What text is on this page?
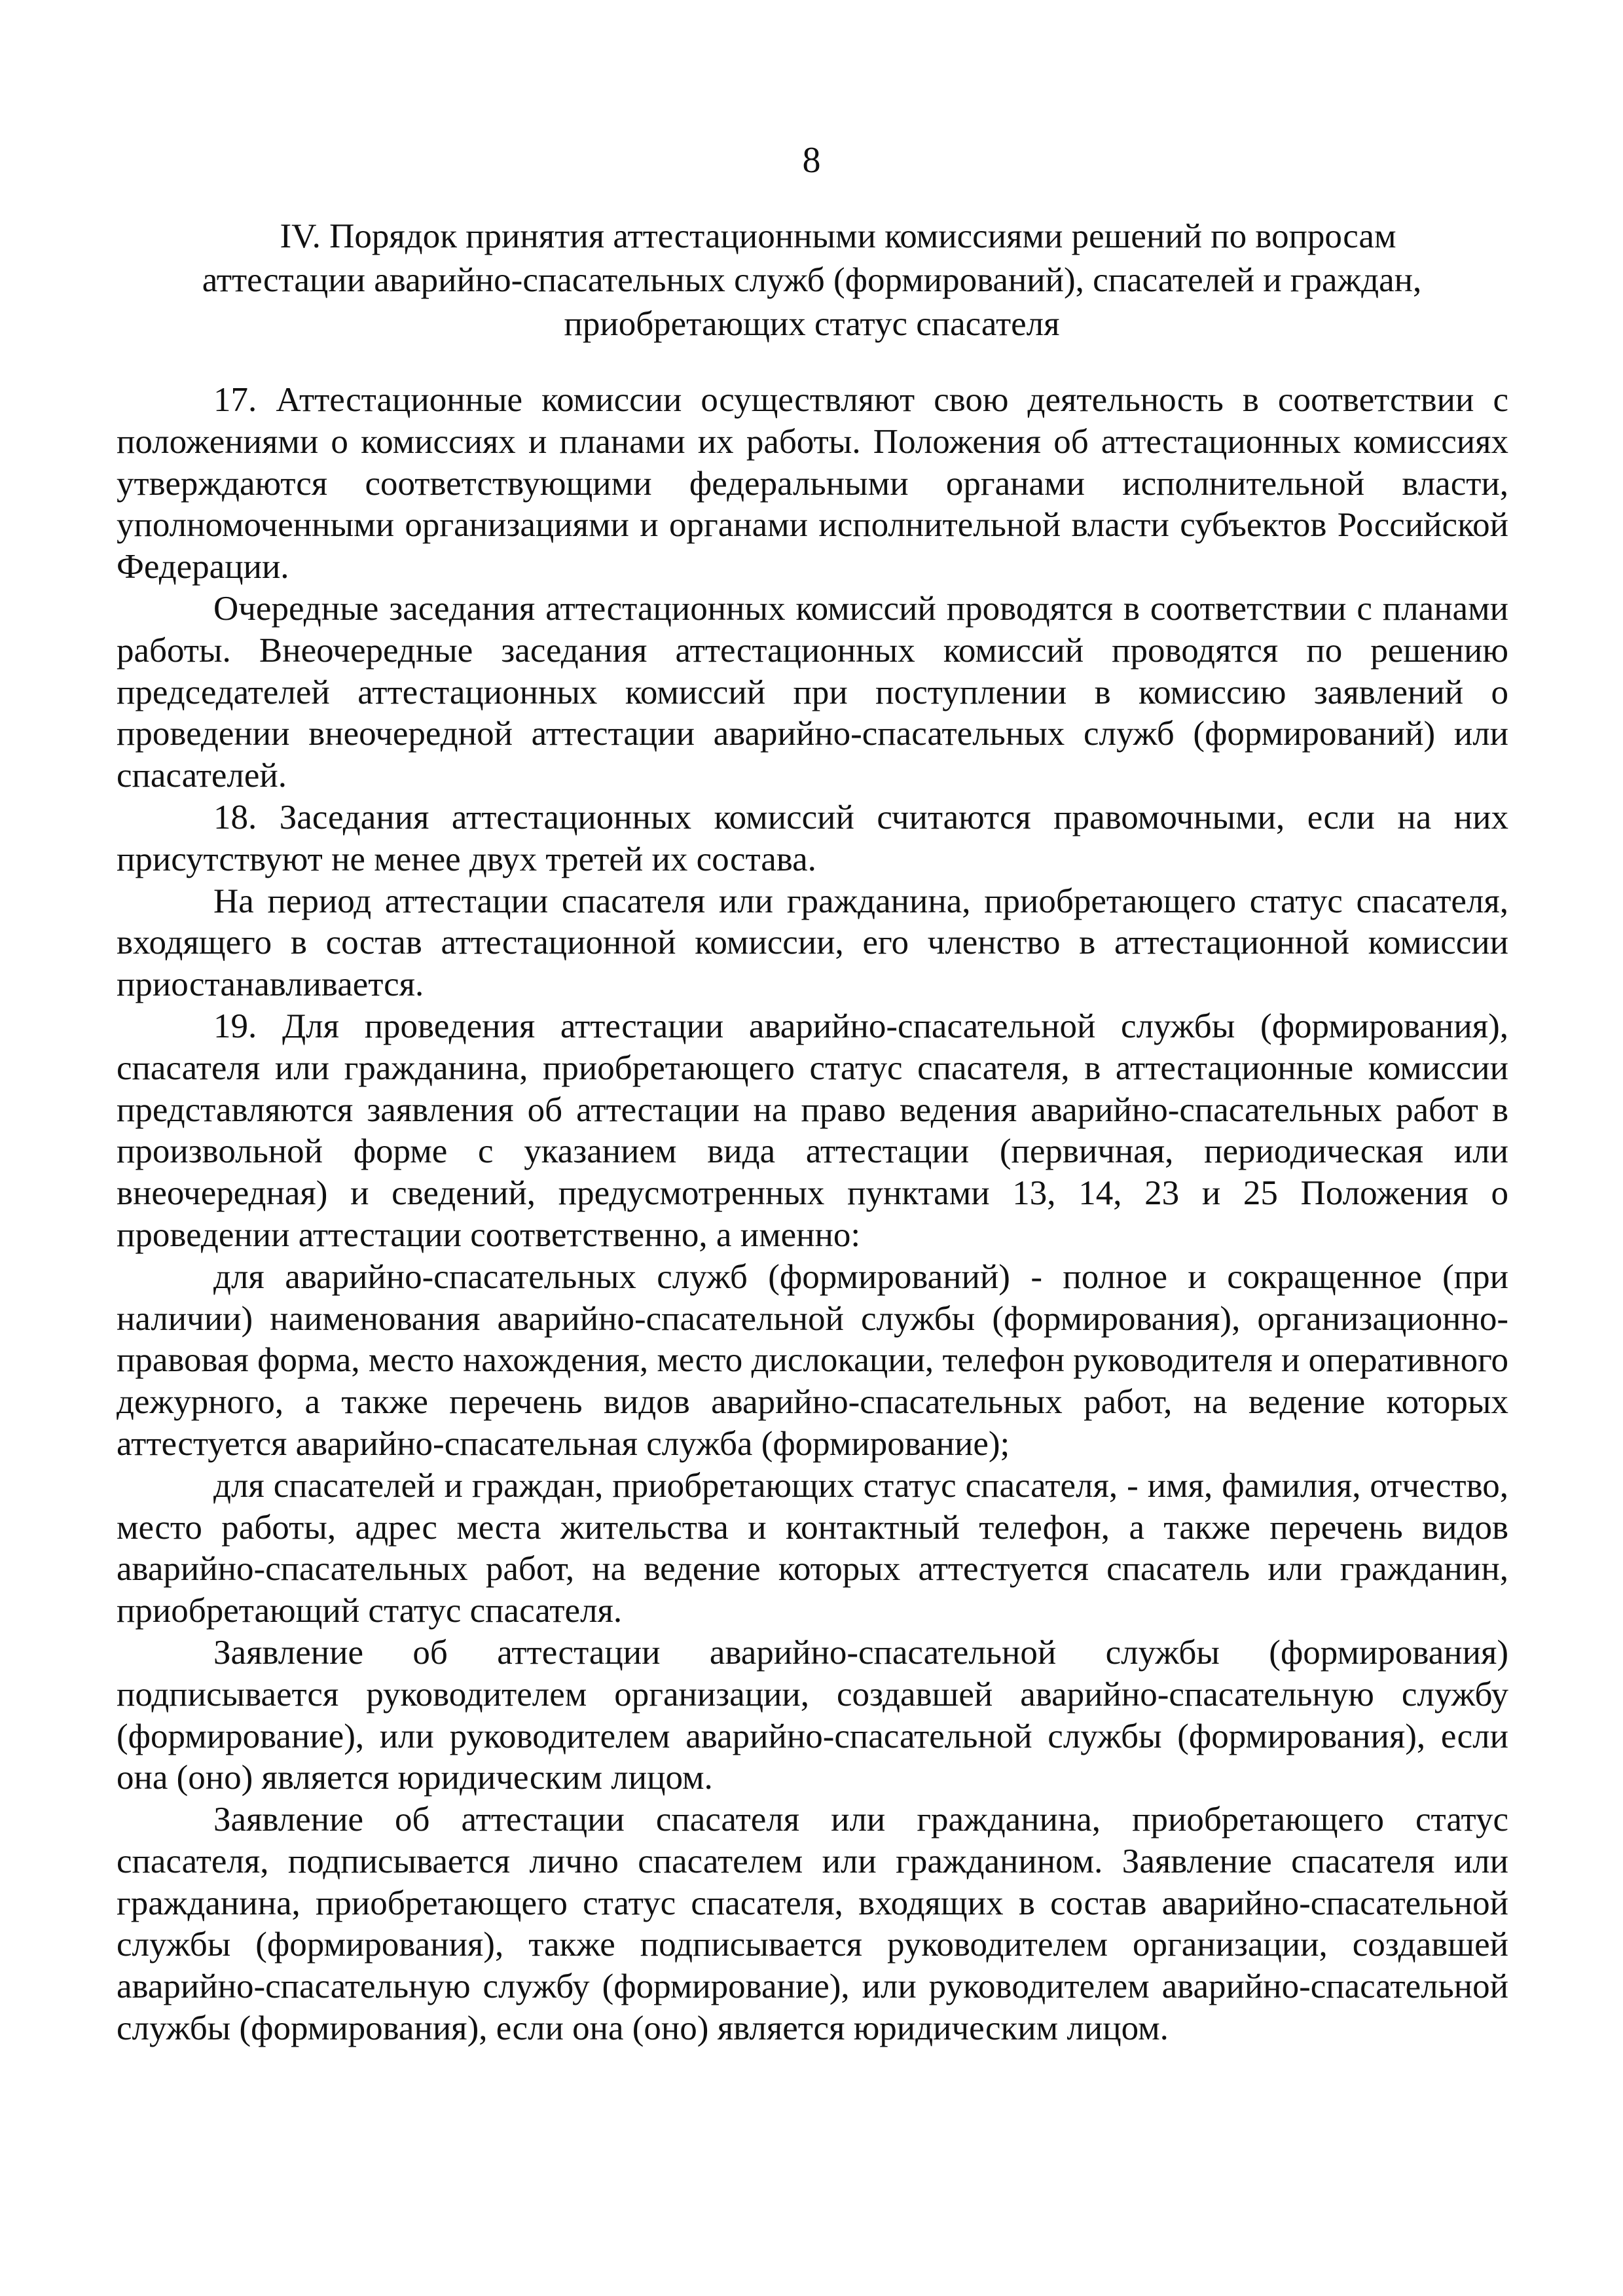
8
IV. Порядок принятия аттестационными комиссиями решений по вопросам
аттестации аварийно-спасательных служб (формирований), спасателей и граждан,
приобретающих статус спасателя

17. Аттестационные комиссии осуществляют свою деятельность в соответствии с положениями о комиссиях и планами их работы. Положения об аттестационных комиссиях утверждаются соответствующими федеральными органами исполнительной власти, уполномоченными организациями и органами исполнительной власти субъектов Российской Федерации.

Очередные заседания аттестационных комиссий проводятся в соответствии с планами работы. Внеочередные заседания аттестационных комиссий проводятся по решению председателей аттестационных комиссий при поступлении в комиссию заявлений о проведении внеочередной аттестации аварийно-спасательных служб (формирований) или спасателей.

18. Заседания аттестационных комиссий считаются правомочными, если на них присутствуют не менее двух третей их состава.

На период аттестации спасателя или гражданина, приобретающего статус спасателя, входящего в состав аттестационной комиссии, его членство в аттестационной комиссии приостанавливается.

19. Для проведения аттестации аварийно-спасательной службы (формирования), спасателя или гражданина, приобретающего статус спасателя, в аттестационные комиссии представляются заявления об аттестации на право ведения аварийно-спасательных работ в произвольной форме с указанием вида аттестации (первичная, периодическая или внеочередная) и сведений, предусмотренных пунктами 13, 14, 23 и 25 Положения о проведении аттестации соответственно, а именно:

для аварийно-спасательных служб (формирований) - полное и сокращенное (при наличии) наименования аварийно-спасательной службы (формирования), организационно-правовая форма, место нахождения, место дислокации, телефон руководителя и оперативного дежурного, а также перечень видов аварийно-спасательных работ, на ведение которых аттестуется аварийно-спасательная служба (формирование);

для спасателей и граждан, приобретающих статус спасателя, - имя, фамилия, отчество, место работы, адрес места жительства и контактный телефон, а также перечень видов аварийно-спасательных работ, на ведение которых аттестуется спасатель или гражданин, приобретающий статус спасателя.

Заявление об аттестации аварийно-спасательной службы (формирования) подписывается руководителем организации, создавшей аварийно-спасательную службу (формирование), или руководителем аварийно-спасательной службы (формирования), если она (оно) является юридическим лицом.

Заявление об аттестации спасателя или гражданина, приобретающего статус спасателя, подписывается лично спасателем или гражданином. Заявление спасателя или гражданина, приобретающего статус спасателя, входящих в состав аварийно-спасательной службы (формирования), также подписывается руководителем организации, создавшей аварийно-спасательную службу (формирование), или руководителем аварийно-спасательной службы (формирования), если она (оно) является юридическим лицом.
